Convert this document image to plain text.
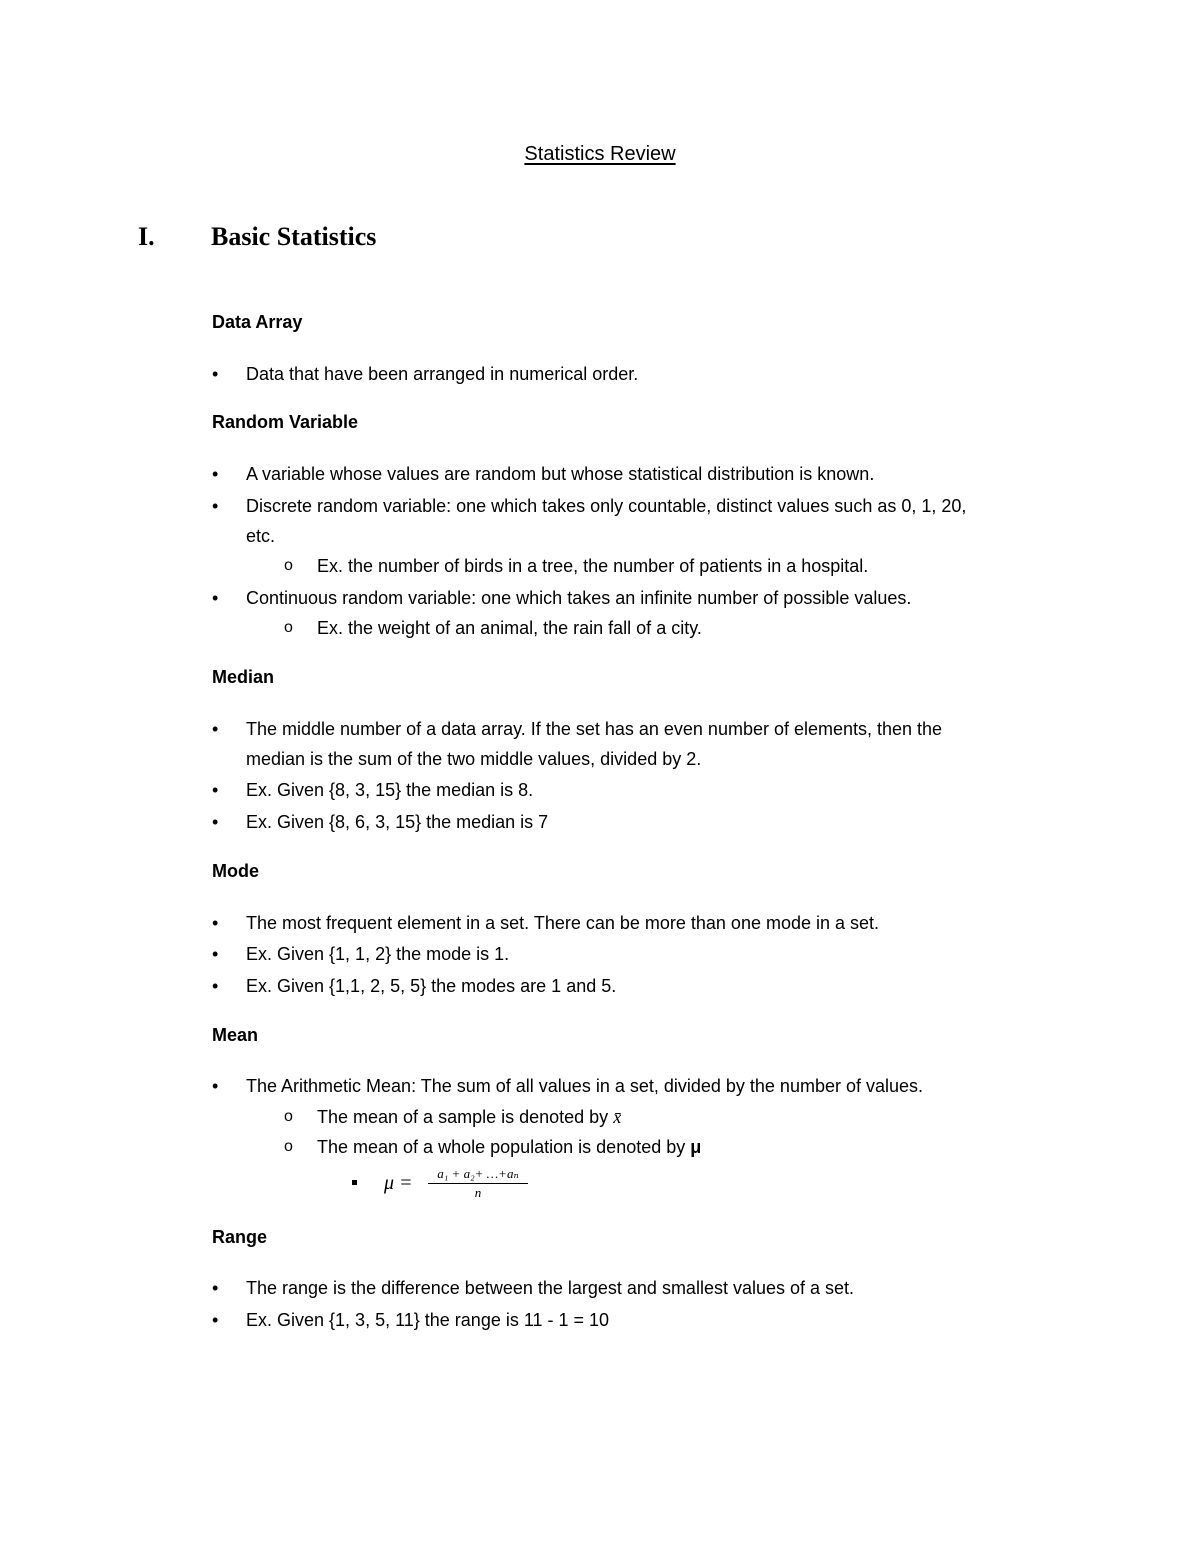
Statistics Review
I. Basic Statistics
Data Array
• Data that have been arranged in numerical order.
Random Variable
• A variable whose values are random but whose statistical distribution is known.
• Discrete random variable: one which takes only countable, distinct values such as 0, 1, 20,
etc.
o Ex. the number of birds in a tree, the number of patients in a hospital.
• Continuous random variable: one which takes an infinite number of possible values.
o Ex. the weight of an animal, the rain fall of a city.
Median
• The middle number of a data array. If the set has an even number of elements, then the
median is the sum of the two middle values, divided by 2.
• Ex. Given {8, 3, 15} the median is 8.
• Ex. Given {8, 6, 3, 15} the median is 7
Mode
• The most frequent element in a set. There can be more than one mode in a set.
• Ex. Given {1, 1, 2} the mode is 1.
• Ex. Given {1,1, 2, 5, 5} the modes are 1 and 5.
Mean
• The Arithmetic Mean: The sum of all values in a set, divided by the number of values.
o The mean of a sample is denoted by x̄
o The mean of a whole population is denoted by μ
$\mu = \frac{\text{a₁ + a₂+ …+aₙ}}{n}$
Range
• The range is the difference between the largest and smallest values of a set.
• Ex. Given {1, 3, 5, 11} the range is 11 - 1 = 10
